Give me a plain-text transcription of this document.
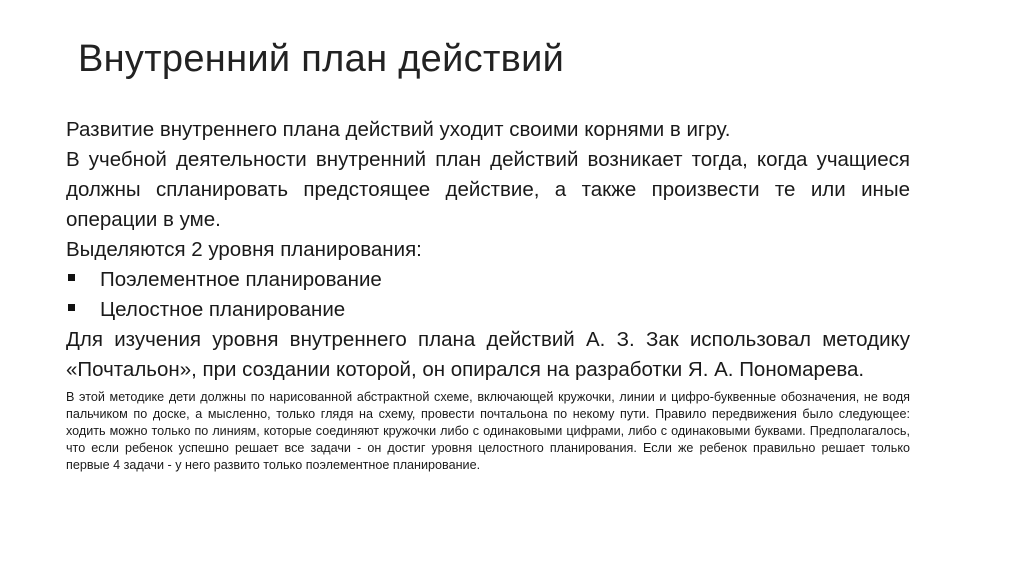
Внутренний план действий

Развитие внутреннего плана действий уходит своими корнями в игру.

В учебной деятельности внутренний план действий возникает тогда, когда учащиеся должны спланировать предстоящее действие, а также произвести те или иные операции в уме.

Выделяются 2 уровня планирования:

Поэлементное планирование
Целостное планирование

Для изучения уровня внутреннего плана действий А. З. Зак использовал методику «Почтальон», при создании которой, он опирался на разработки Я. А. Пономарева.

В этой методике дети должны по нарисованной абстрактной схеме, включающей кружочки, линии и цифро-буквенные обозначения, не водя пальчиком по доске, а мысленно, только глядя на схему, провести почтальона по некому пути. Правило передвижения было следующее: ходить можно только по линиям, которые соединяют кружочки либо с одинаковыми цифрами, либо с одинаковыми буквами. Предполагалось, что если ребенок успешно решает все задачи - он достиг уровня целостного планирования. Если же ребенок правильно решает только первые 4 задачи - у него развито только поэлементное планирование.
